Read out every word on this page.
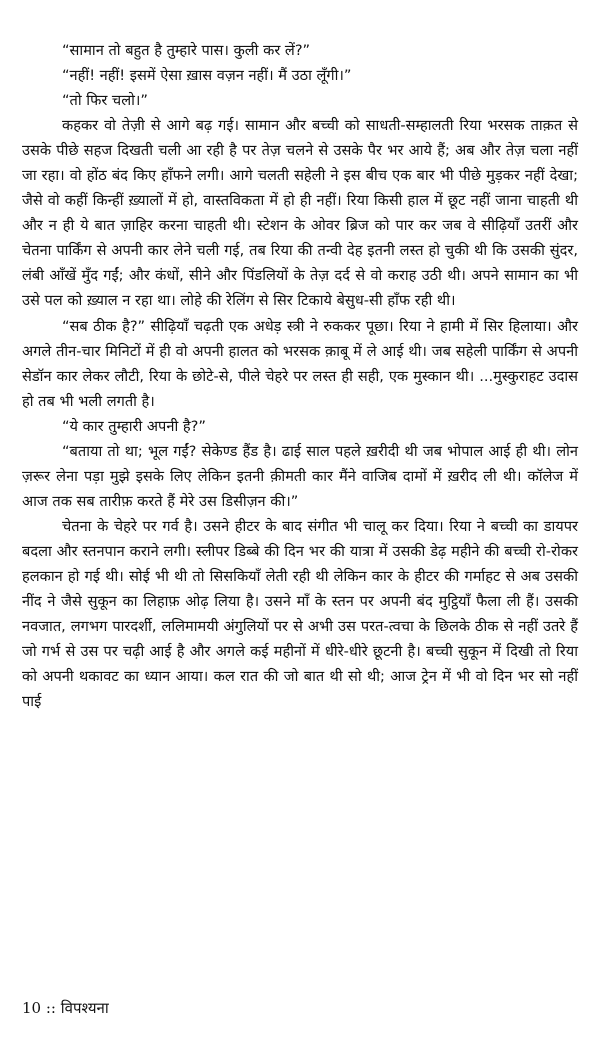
“सामान तो बहुत है तुम्हारे पास। कुली कर लें?”

“नहीं! नहीं! इसमें ऐसा ख़ास वज़न नहीं। मैं उठा लूँगी।”

“तो फिर चलो।”

कहकर वो तेज़ी से आगे बढ़ गई। सामान और बच्ची को साधती-सम्हालती रिया भरसक ताक़त से उसके पीछे सहज दिखती चली आ रही है पर तेज़ चलने से उसके पैर भर आये हैं; अब और तेज़ चला नहीं जा रहा। वो होंठ बंद किए हाँफने लगी। आगे चलती सहेली ने इस बीच एक बार भी पीछे मुड़कर नहीं देखा; जैसे वो कहीं किन्हीं ख़्यालों में हो, वास्तविकता में हो ही नहीं। रिया किसी हाल में छूट नहीं जाना चाहती थी और न ही ये बात ज़ाहिर करना चाहती थी। स्टेशन के ओवर ब्रिज को पार कर जब वे सीढ़ियाँ उतरीं और चेतना पार्किंग से अपनी कार लेने चली गई, तब रिया की तन्वी देह इतनी लस्त हो चुकी थी कि उसकी सुंदर, लंबी आँखें मुँद गईं; और कंधों, सीने और पिंडलियों के तेज़ दर्द से वो कराह उठी थी। अपने सामान का भी उसे पल को ख़्याल न रहा था। लोहे की रेलिंग से सिर टिकाये बेसुध-सी हाँफ रही थी।

“सब ठीक है?” सीढ़ियाँ चढ़ती एक अधेड़ स्त्री ने रुककर पूछा। रिया ने हामी में सिर हिलाया। और अगले तीन-चार मिनिटों में ही वो अपनी हालत को भरसक क़ाबू में ले आई थी। जब सहेली पार्किंग से अपनी सेडॉन कार लेकर लौटी, रिया के छोटे-से, पीले चेहरे पर लस्त ही सही, एक मुस्कान थी। ...मुस्कुराहट उदास हो तब भी भली लगती है।

“ये कार तुम्हारी अपनी है?”

“बताया तो था; भूल गईं? सेकेण्ड हैंड है। ढाई साल पहले ख़रीदी थी जब भोपाल आई ही थी। लोन ज़रूर लेना पड़ा मुझे इसके लिए लेकिन इतनी क़ीमती कार मैंने वाजिब दामों में ख़रीद ली थी। कॉलेज में आज तक सब तारीफ़ करते हैं मेरे उस डिसीज़न की।”

चेतना के चेहरे पर गर्व है। उसने हीटर के बाद संगीत भी चालू कर दिया। रिया ने बच्ची का डायपर बदला और स्तनपान कराने लगी। स्लीपर डिब्बे की दिन भर की यात्रा में उसकी डेढ़ महीने की बच्ची रो-रोकर हलकान हो गई थी। सोई भी थी तो सिसकियाँ लेती रही थी लेकिन कार के हीटर की गर्माहट से अब उसकी नींद ने जैसे सुकून का लिहाफ़ ओढ़ लिया है। उसने माँ के स्तन पर अपनी बंद मुट्ठियाँ फैला ली हैं। उसकी नवजात, लगभग पारदर्शी, ललिमामयी अंगुलियों पर से अभी उस परत-त्वचा के छिलके ठीक से नहीं उतरे हैं जो गर्भ से उस पर चढ़ी आई है और अगले कई महीनों में धीरे-धीरे छूटनी है। बच्ची सुकून में दिखी तो रिया को अपनी थकावट का ध्यान आया। कल रात की जो बात थी सो थी; आज ट्रेन में भी वो दिन भर सो नहीं पाई

10 :: विपश्यना
